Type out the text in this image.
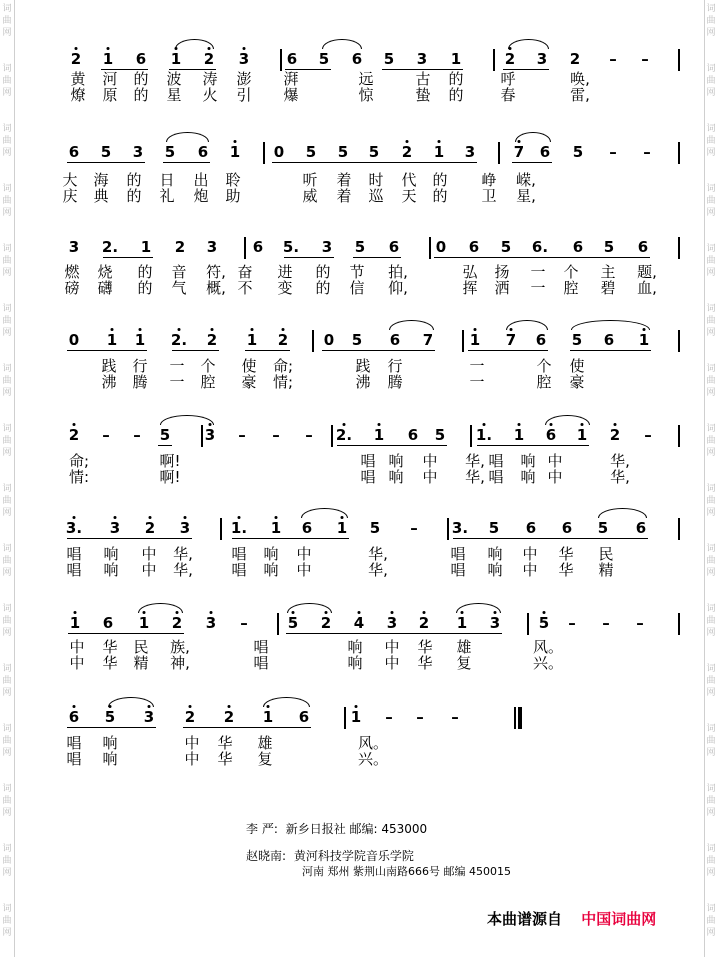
词
曲
网
词
曲
网
词
曲
网
词
曲
网
词
曲
网
词
曲
网
词
曲
网
词
曲
网
词
曲
网
词
曲
网
词
曲
网
词
曲
网
词
曲
网
词
曲
网
词
曲
网
词
曲
网
词
曲
网
词
曲
网
词
曲
网
词
曲
网
词
曲
网
词
曲
网
词
曲
网
词
曲
网
词
曲
网
词
曲
网
词
曲
网
词
曲
网
词
曲
网
词
曲
网
词
曲
网
词
曲
网
2 1 6 1 2 3	6 5 6 5 3 1	2 3 2 – –
黄 河 的 波 涛 澎 湃	远	古 的 呼	唤,
燎 原 的 星 火 引 爆	惊	蛰 的 春	雷,
6 5 3 5 6 1 0 5 5 5 2 1 3	7 6 5 – –
大 海 的 日 出 聆	听 着 时 代 的 峥 嵘,
庆 典 的 礼 炮 助	威 着 巡 天 的 卫 星,
3 2. 1 2 3 6 5. 3 5 6 0 6 5 6. 6 5 6
燃 烧 的 音 符, 奋 进 的 节 拍,	弘 扬 一 个 主 题,
磅 礴 的 气 概, 不 变 的 信 仰,	挥 洒 一 腔 碧 血,
0 1 1 2. 2 1 2 0 5 6 7 1 7 6 5 6 1
践 行 一 个 使 命;	践 行	一	个 使
沸 腾 一 腔 豪 情;	沸 腾	一	腔 豪
2 – – 5 3 – – – 2. 1 6 5 1. 1 6 1 2 –
命;	啊!	唱 响 中 华, 唱 响 中	华,
情:	啊!	唱 响 中 华, 唱 响 中	华,
3. 3 2 3	1. 1 6 1 5 – 3. 5 6 6 5 6
唱 响 中 华,	唱 响 中	华,	唱 响 中 华 民
唱 响 中 华,	唱 响 中	华,	唱 响 中 华 精
1 6 1 2 3 –	5 2 4 3 2 1 3	5 – – –
中 华 民 族,	唱	响 中 华 雄	风。
中 华 精 神,	唱	响 中 华 复	兴。
6 5 3 2 2 1 6	1 – – –
唱 响	中 华 雄	风。
唱 响	中 华 复	兴。
李 严: 新乡日报社 邮编: 453000
赵晓南: 黄河科技学院音乐学院
河南 郑州 紫荆山南路666号 邮编 450015
本曲谱源自 中国词曲网
